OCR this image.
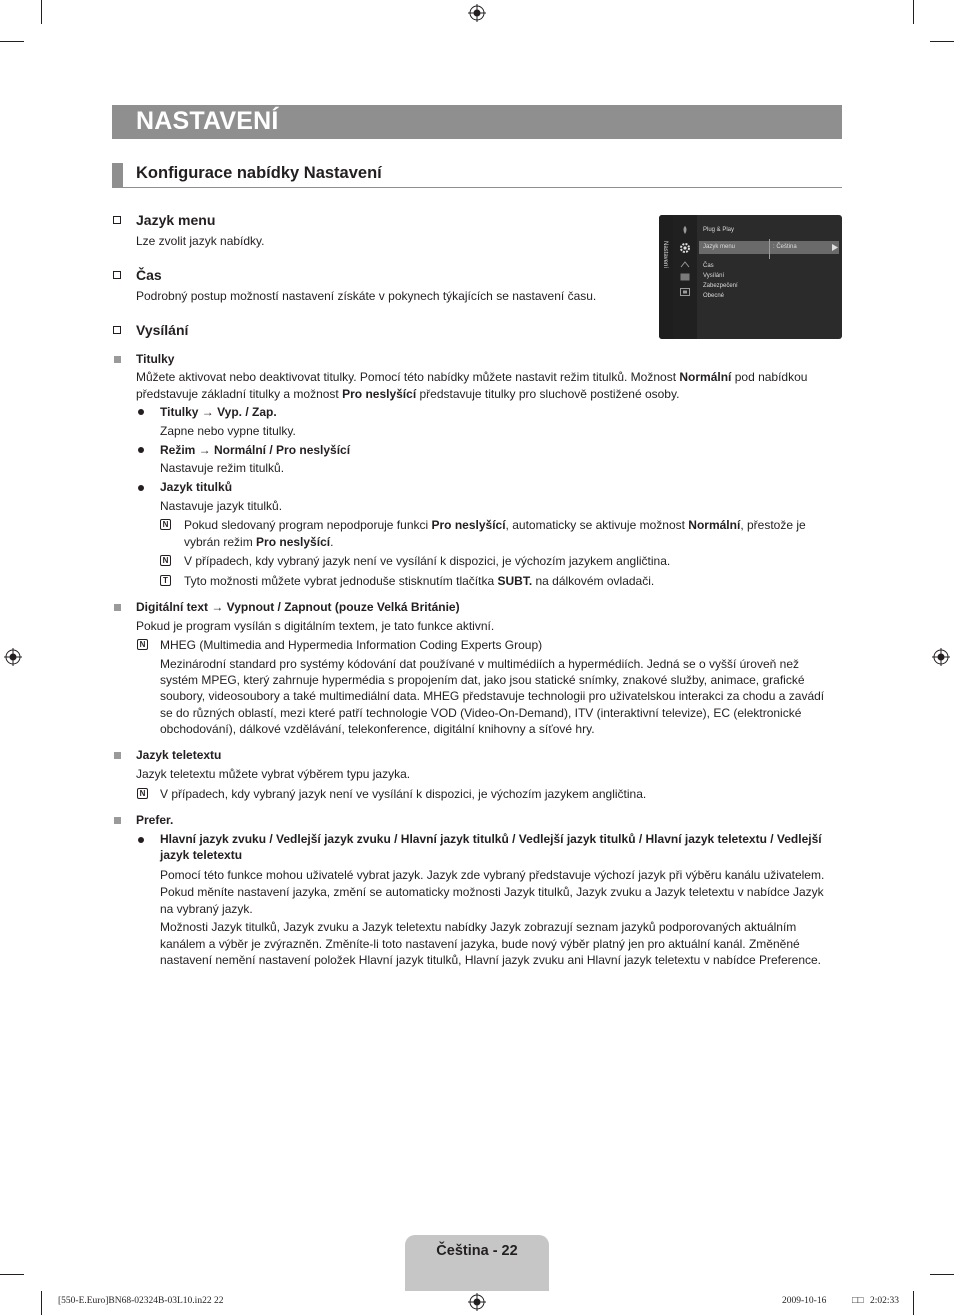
NASTAVENÍ
Konfigurace nabídky Nastavení
Jazyk menu
Lze zvolit jazyk nabídky.
Čas
Podrobný postup možností nastavení získáte v pokynech týkajících se nastavení času.
Vysílání
Nastavení
Plug & Play
Jazyk menu	: Čeština
Čas
Vysílání
Zabezpečení
Obecné
Titulky
Můžete aktivovat nebo deaktivovat titulky. Pomocí této nabídky můžete nastavit režim titulků. Možnost Normální pod nabídkou
představuje základní titulky a možnost Pro neslyšící představuje titulky pro sluchově postižené osoby.
Titulky → Vyp. / Zap.
Zapne nebo vypne titulky.
Režim → Normální / Pro neslyšící
Nastavuje režim titulků.
Jazyk titulků
Nastavuje jazyk titulků.
N Pokud sledovaný program nepodporuje funkci Pro neslyšící, automaticky se aktivuje možnost Normální, přestože je
vybrán režim Pro neslyšící.
N V případech, kdy vybraný jazyk není ve vysílání k dispozici, je výchozím jazykem angličtina.
T Tyto možnosti můžete vybrat jednoduše stisknutím tlačítka SUBT. na dálkovém ovladači.
Digitální text → Vypnout / Zapnout (pouze Velká Británie)
Pokud je program vysílán s digitálním textem, je tato funkce aktivní.
N MHEG (Multimedia and Hypermedia Information Coding Experts Group)
Mezinárodní standard pro systémy kódování dat používané v multimédiích a hypermédiích. Jedná se o vyšší úroveň než
systém MPEG, který zahrnuje hypermédia s propojením dat, jako jsou statické snímky, znakové služby, animace, grafické
soubory, videosoubory a také multimediální data. MHEG představuje technologii pro uživatelskou interakci za chodu a zavádí
se do různých oblastí, mezi které patří technologie VOD (Video-On-Demand), ITV (interaktivní televize), EC (elektronické
obchodování), dálkové vzdělávání, telekonference, digitální knihovny a síťové hry.
Jazyk teletextu
Jazyk teletextu můžete vybrat výběrem typu jazyka.
N V případech, kdy vybraný jazyk není ve vysílání k dispozici, je výchozím jazykem angličtina.
Prefer.
Hlavní jazyk zvuku / Vedlejší jazyk zvuku / Hlavní jazyk titulků / Vedlejší jazyk titulků / Hlavní jazyk teletextu / Vedlejší
jazyk teletextu
Pomocí této funkce mohou uživatelé vybrat jazyk. Jazyk zde vybraný představuje výchozí jazyk při výběru kanálu uživatelem.
Pokud měníte nastavení jazyka, změní se automaticky možnosti Jazyk titulků, Jazyk zvuku a Jazyk teletextu v nabídce Jazyk
na vybraný jazyk.
Možnosti Jazyk titulků, Jazyk zvuku a Jazyk teletextu nabídky Jazyk zobrazují seznam jazyků podporovaných aktuálním
kanálem a výběr je zvýrazněn. Změníte-li toto nastavení jazyka, bude nový výběr platný jen pro aktuální kanál. Změněné
nastavení nemění nastavení položek Hlavní jazyk titulků, Hlavní jazyk zvuku ani Hlavní jazyk teletextu v nabídce Preference.
Čeština - 22
[550-E.Euro]BN68-02324B-03L10.in22 22	2009-10-16	□□ 2:02:33
